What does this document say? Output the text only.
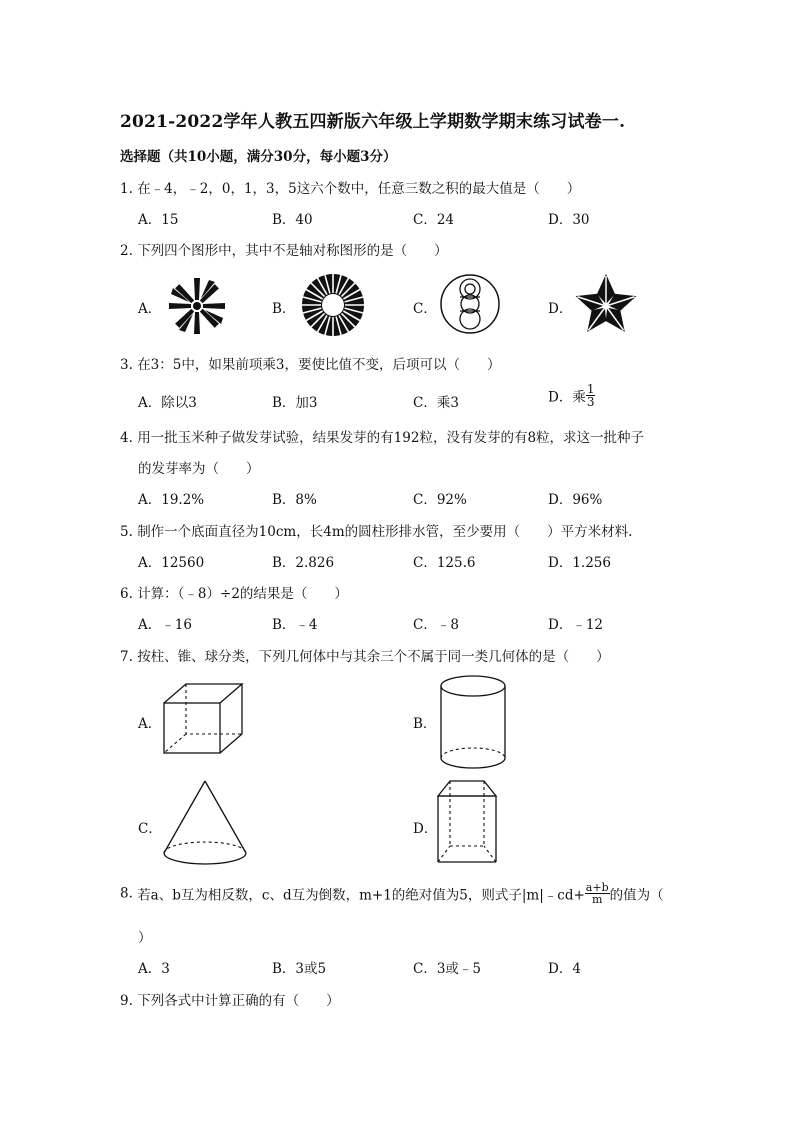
2021-2022学年人教五四新版六年级上学期数学期末练习试卷一.
选择题（共10小题，满分30分，每小题3分）
1. 在﹣4，﹣2，0，1，3，5这六个数中，任意三数之积的最大值是（　　）
A．15	B．40	C．24	D．30
2. 下列四个图形中，其中不是轴对称图形的是（　　）
A．	B．	C．	D．
3. 在3：5中，如果前项乘3，要使比值不变，后项可以（　　）
A．除以3	B．加3	C．乘3	D．乘 $\frac{1}{3}$
4. 用一批玉米种子做发芽试验，结果发芽的有192粒，没有发芽的有8粒，求这一批种子
的发芽率为（　　）
A．19.2%	B．8%	C．92%	D．96%
5. 制作一个底面直径为10cm，长4m的圆柱形排水管，至少要用（　　）平方米材料.
A．12560	B．2.826	C．125.6	D．1.256
6. 计算：（﹣8）÷2的结果是（　　）
A．﹣16	B．﹣4	C．﹣8	D．﹣12
7. 按柱、锥、球分类，下列几何体中与其余三个不属于同一类几何体的是（　　）
A．	B．
C．	D．
8. 若a、b互为相反数，c、d互为倒数，m+1的绝对值为5，则式子|m|﹣cd+ $\frac{a+b}{m}$ 的值为（
）
A．3	B．3或5	C．3或﹣5	D．4
9. 下列各式中计算正确的有（　　）
